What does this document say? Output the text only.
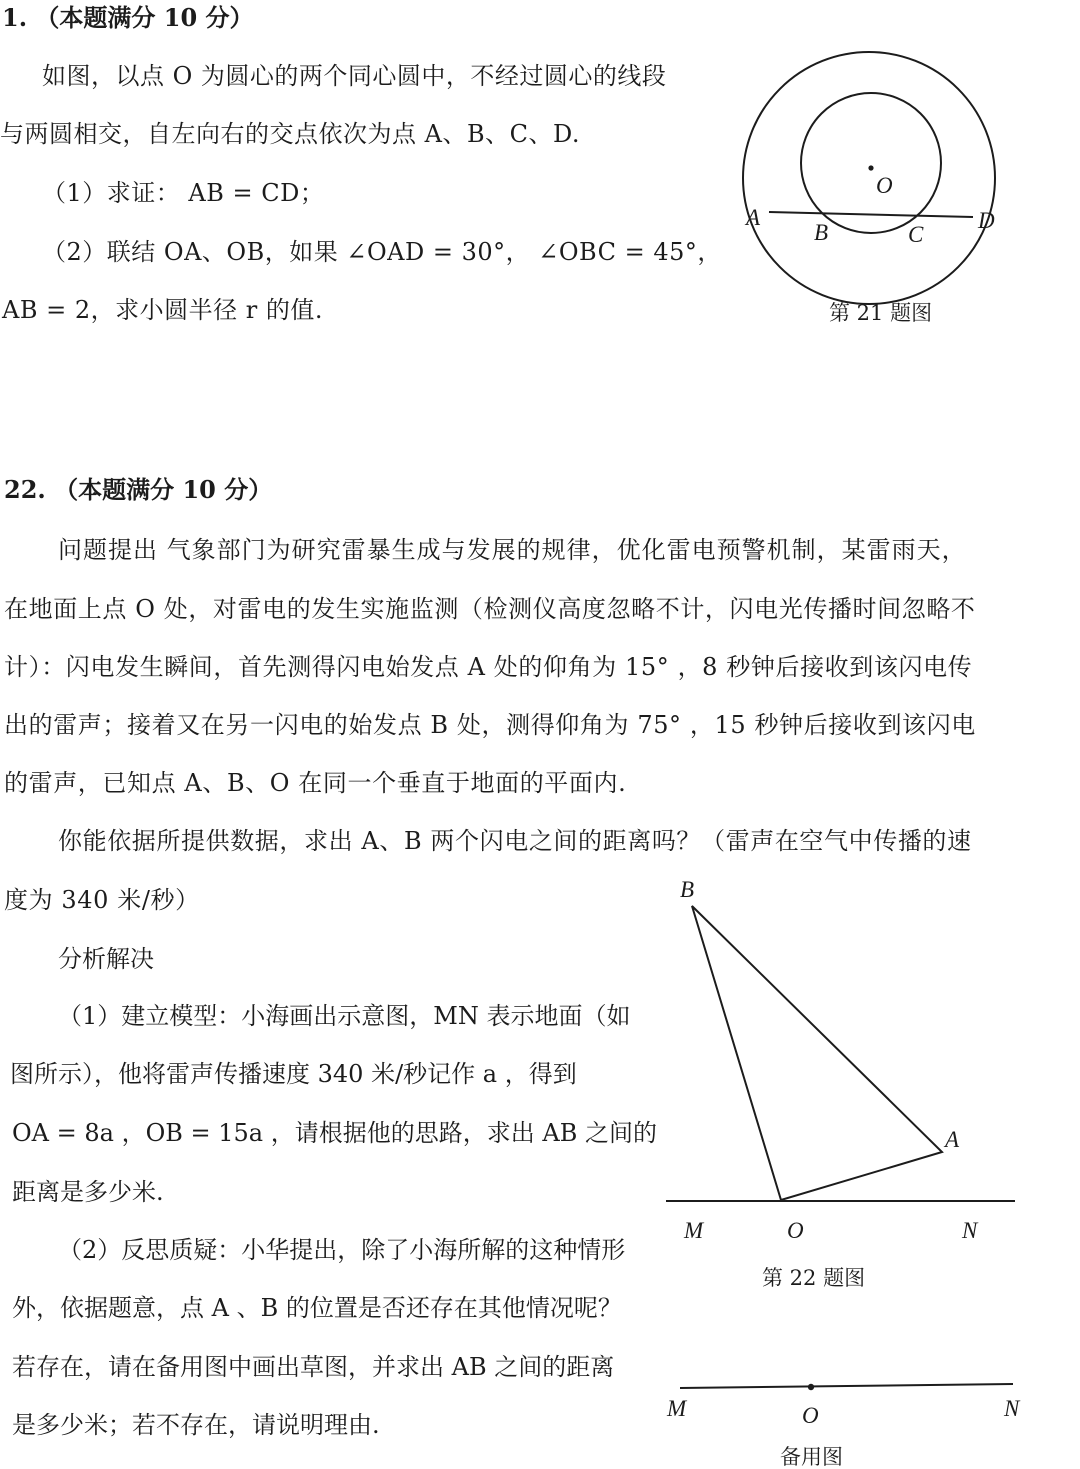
1. （本题满分 10 分）
如图，以点 O 为圆心的两个同心圆中，不经过圆心的线段
与两圆相交，自左向右的交点依次为点 A、B、C、D.
（1）求证： AB = CD；
（2）联结 OA、OB，如果 ∠OAD = 30°， ∠OBC = 45°，
AB = 2，求小圆半径 r 的值.
O
A
B	C
D
第 21 题图
22. （本题满分 10 分）
问题提出 气象部门为研究雷暴生成与发展的规律，优化雷电预警机制，某雷雨天，
在地面上点 O 处，对雷电的发生实施监测（检测仪高度忽略不计，闪电光传播时间忽略不
计）：闪电发生瞬间，首先测得闪电始发点 A 处的仰角为 15° ，8 秒钟后接收到该闪电传
出的雷声；接着又在另一闪电的始发点 B 处，测得仰角为 75° ，15 秒钟后接收到该闪电
的雷声，已知点 A、B、O 在同一个垂直于地面的平面内.
你能依据所提供数据，求出 A、B 两个闪电之间的距离吗？（雷声在空气中传播的速
度为 340 米/秒）
分析解决
（1）建立模型：小海画出示意图，MN 表示地面（如
图所示），他将雷声传播速度 340 米/秒记作 a ，得到
OA = 8a ，OB = 15a ，请根据他的思路，求出 AB 之间的
距离是多少米.
（2）反思质疑：小华提出，除了小海所解的这种情形
外，依据题意，点 A 、B 的位置是否还存在其他情况呢？
若存在，请在备用图中画出草图，并求出 AB 之间的距离
是多少米；若不存在，请说明理由.
B
A
M	O	N
第 22 题图
M	O	N
备用图
